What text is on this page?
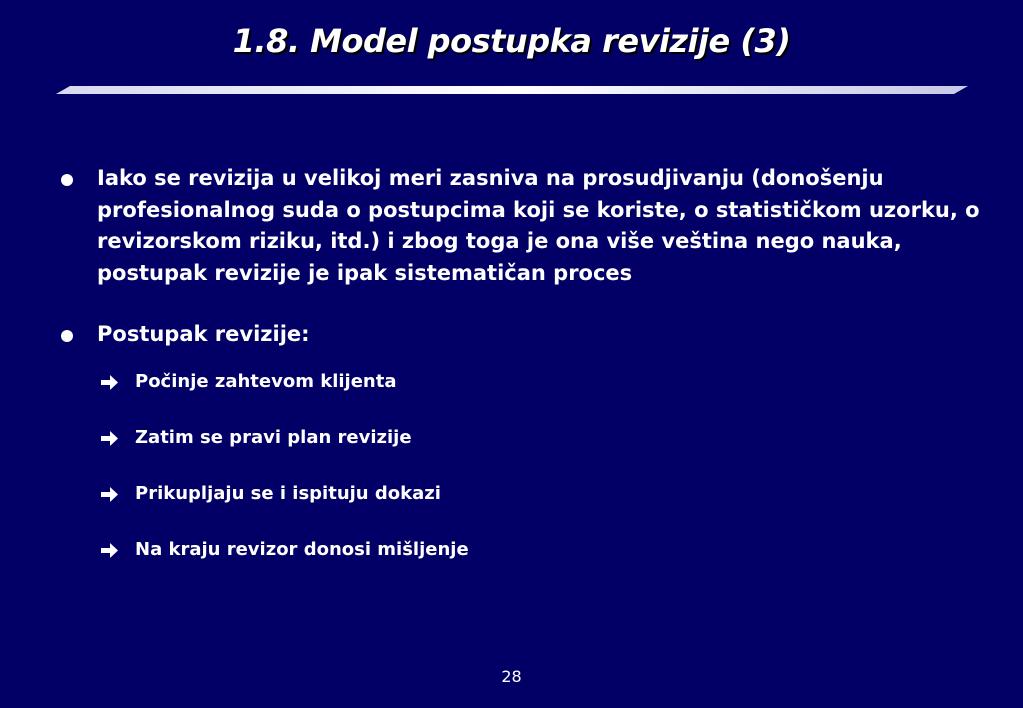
1.8. Model postupka revizije (3)
Iako se revizija u velikoj meri zasniva na prosudjivanju (donošenju profesionalnog suda o postupcima koji se koriste, o statističkom uzorku, o revizorskom riziku, itd.) i zbog toga je ona više veština nego nauka, postupak revizije je ipak sistematičan proces
Postupak revizije:
Počinje zahtevom klijenta
Zatim se pravi plan revizije
Prikupljaju se i ispituju dokazi
Na kraju revizor donosi mišljenje
28
